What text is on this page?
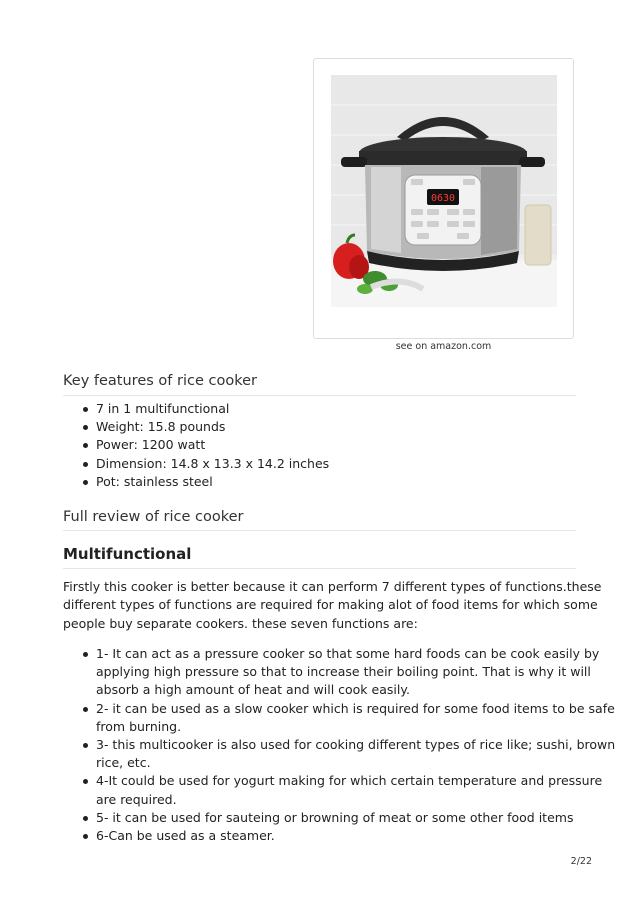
0630
see on amazon.com
Key features of rice cooker
7 in 1 multifunctional
Weight: 15.8 pounds
Power: 1200 watt
Dimension: 14.8 x 13.3 x 14.2 inches
Pot: stainless steel
Full review of rice cooker
Multifunctional
Firstly this cooker is better because it can perform 7 different types of functions.these
different types of functions are required for making alot of food items for which some
people buy separate cookers. these seven functions are:
1- It can act as a pressure cooker so that some hard foods can be cook easily by
applying high pressure so that to increase their boiling point. That is why it will
absorb a high amount of heat and will cook easily.
2- it can be used as a slow cooker which is required for some food items to be safe
from burning.
3- this multicooker is also used for cooking different types of rice like; sushi, brown
rice, etc.
4-It could be used for yogurt making for which certain temperature and pressure
are required.
5- it can be used for sauteing or browning of meat or some other food items
6-Can be used as a steamer.
2/22
